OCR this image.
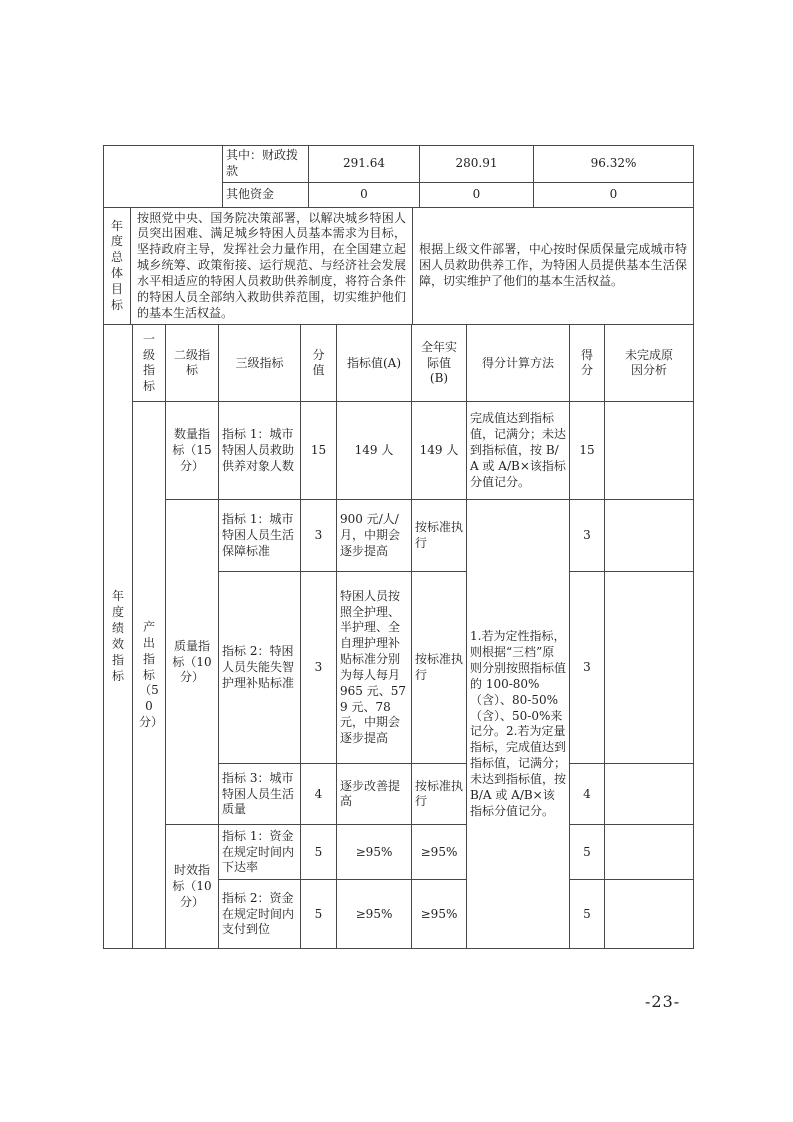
	其中：财政拨款	291.64	280.91	96.32%
	其他资金	0	0	0
年度总体目标	按照党中央、国务院决策部署，以解决城乡特困人员突出困难、满足城乡特困人员基本需求为目标，坚持政府主导，发挥社会力量作用，在全国建立起城乡统筹、政策衔接、运行规范、与经济社会发展水平相适应的特困人员救助供养制度，将符合条件的特困人员全部纳入救助供养范围，切实维护他们的基本生活权益。	根据上级文件部署，中心按时保质保量完成城市特困人员救助供养工作，为特困人员提供基本生活保障，切实维护了他们的基本生活权益。
年度绩效指标	一级指标	二级指标	三级指标	分值	指标值(A)	全年实际值(B)	得分计算方法	得分	未完成原因分析
	产出指标（50分）	数量指标（15分）	指标 1：城市特困人员救助供养对象人数	15	149 人	149 人	完成值达到指标值，记满分；未达到指标值，按 B/A 或 A/B×该指标分值记分。	15	
		质量指标（10分）	指标 1：城市特困人员生活保障标准	3	900 元/人/月，中期会逐步提高	按标准执行	1.若为定性指标，则根据“三档”原则分别按照指标值的 100-80%（含）、80-50%（含）、50-0%来记分。2.若为定量指标，完成值达到指标值，记满分；未达到指标值，按 B/A 或 A/B×该指标分值记分。	3	
			指标 2：特困人员失能失智护理补贴标准	3	特困人员按照全护理、半护理、全自理护理补贴标准分别为每人每月 965 元、579 元、78 元，中期会逐步提高	按标准执行		3	
			指标 3：城市特困人员生活质量	4	逐步改善提高	按标准执行		4	
		时效指标（10分）	指标 1：资金在规定时间内下达率	5	≥95%	≥95%		5	
			指标 2：资金在规定时间内支付到位	5	≥95%	≥95%		5	
-23-
